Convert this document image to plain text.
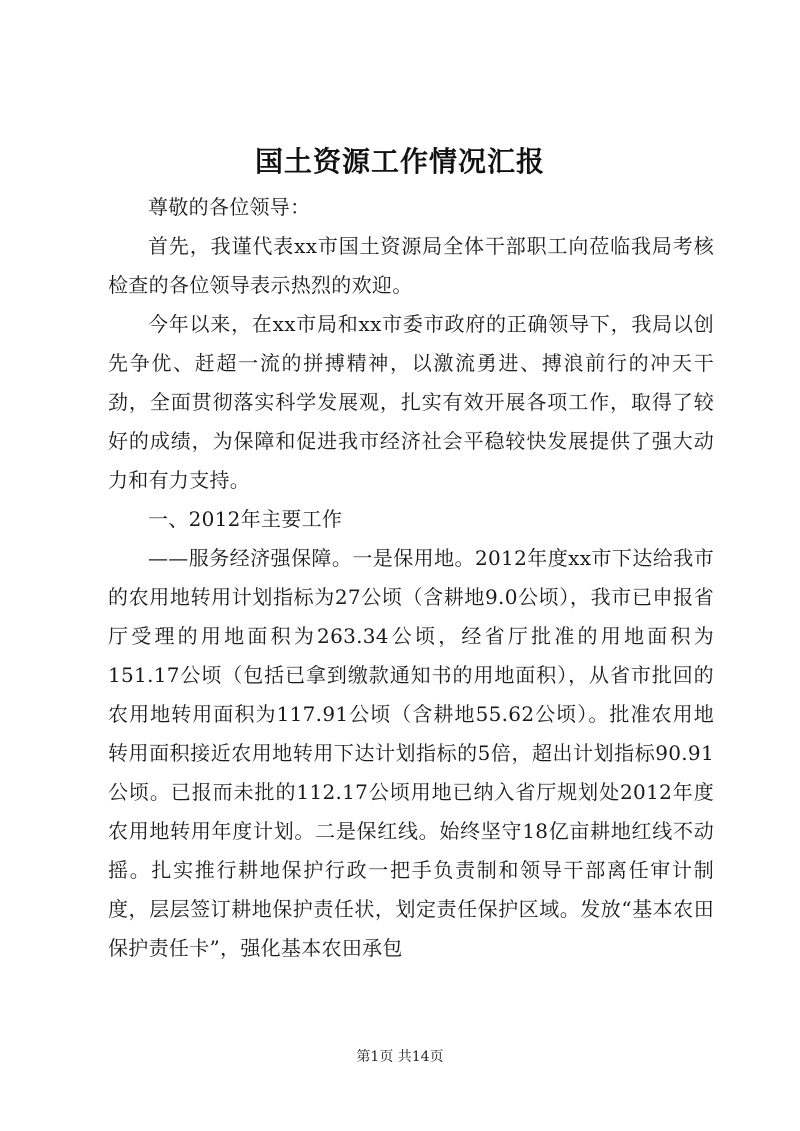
国土资源工作情况汇报

尊敬的各位领导：

首先，我谨代表xx市国土资源局全体干部职工向莅临我局考核检查的各位领导表示热烈的欢迎。

今年以来，在xx市局和xx市委市政府的正确领导下，我局以创先争优、赶超一流的拼搏精神，以激流勇进、搏浪前行的冲天干劲，全面贯彻落实科学发展观，扎实有效开展各项工作，取得了较好的成绩，为保障和促进我市经济社会平稳较快发展提供了强大动力和有力支持。

一、2012年主要工作

——服务经济强保障。一是保用地。2012年度xx市下达给我市的农用地转用计划指标为27公顷（含耕地9.0公顷），我市已申报省厅受理的用地面积为263.34公顷，经省厅批准的用地面积为151.17公顷（包括已拿到缴款通知书的用地面积），从省市批回的农用地转用面积为117.91公顷（含耕地55.62公顷）。批准农用地转用面积接近农用地转用下达计划指标的5倍，超出计划指标90.91公顷。已报而未批的112.17公顷用地已纳入省厅规划处2012年度农用地转用年度计划。二是保红线。始终坚守18亿亩耕地红线不动摇。扎实推行耕地保护行政一把手负责制和领导干部离任审计制度，层层签订耕地保护责任状，划定责任保护区域。发放“基本农田保护责任卡”，强化基本农田承包

第1页 共14页
